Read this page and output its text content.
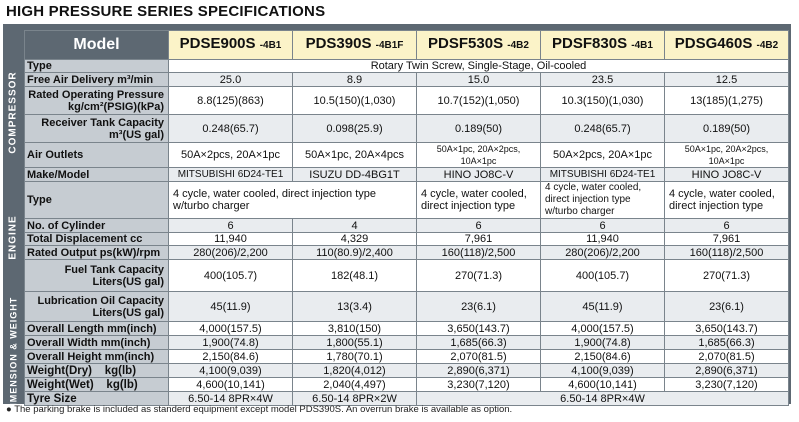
HIGH PRESSURE SERIES SPECIFICATIONS
COMPRESSOR
ENGINE
DIMENSION & WEIGHT
Model	PDSE900S -4B1	PDS390S -4B1F	PDSF530S -4B2	PDSF830S -4B1	PDSG460S -4B2
Type	Rotary Twin Screw, Single-Stage, Oil-cooled				
Free Air Delivery m³/min	25.0	8.9	15.0	23.5	12.5
Rated Operating Pressure
kg/cm²(PSIG)(kPa)	8.8(125)(863)	10.5(150)(1,030)	10.7(152)(1,050)	10.3(150)(1,030)	13(185)(1,275)
Receiver Tank Capacity
m³(US gal)	0.248(65.7)	0.098(25.9)	0.189(50)	0.248(65.7)	0.189(50)
Air Outlets	50A×2pcs, 20A×1pc	50A×1pc, 20A×4pcs	50A×1pc, 20A×2pcs, 10A×1pc	50A×2pcs, 20A×1pc	50A×1pc, 20A×2pcs, 10A×1pc
Make/Model	MITSUBISHI 6D24-TE1	ISUZU DD-4BG1T	HINO JO8C-V	MITSUBISHI 6D24-TE1	HINO JO8C-V
Type	4 cycle, water cooled, direct injection type w/turbo charger		4 cycle, water cooled, direct injection type	4 cycle, water cooled, direct injection type w/turbo charger	4 cycle, water cooled, direct injection type
No. of Cylinder	6	4	6	6	6
Total Displacement cc	11,940	4,329	7,961	11,940	7,961
Rated Output ps(kW)/rpm	280(206)/2,200	110(80.9)/2,400	160(118)/2,500	280(206)/2,200	160(118)/2,500
Fuel Tank Capacity
Liters(US gal)	400(105.7)	182(48.1)	270(71.3)	400(105.7)	270(71.3)
Lubrication Oil Capacity
Liters(US gal)	45(11.9)	13(3.4)	23(6.1)	45(11.9)	23(6.1)
Overall Length mm(inch)	4,000(157.5)	3,810(150)	3,650(143.7)	4,000(157.5)	3,650(143.7)
Overall Width mm(inch)	1,900(74.8)	1,800(55.1)	1,685(66.3)	1,900(74.8)	1,685(66.3)
Overall Height mm(inch)	2,150(84.6)	1,780(70.1)	2,070(81.5)	2,150(84.6)	2,070(81.5)
Weight(Dry)    kg(lb)	4,100(9,039)	1,820(4,012)	2,890(6,371)	4,100(9,039)	2,890(6,371)
Weight(Wet)    kg(lb)	4,600(10,141)	2,040(4,497)	3,230(7,120)	4,600(10,141)	3,230(7,120)
Tyre Size	6.50-14 8PR×4W	6.50-14 8PR×2W	6.50-14 8PR×4W		
● The parking brake is included as standerd equipment except model PDS390S. An overrun brake is available as option.
